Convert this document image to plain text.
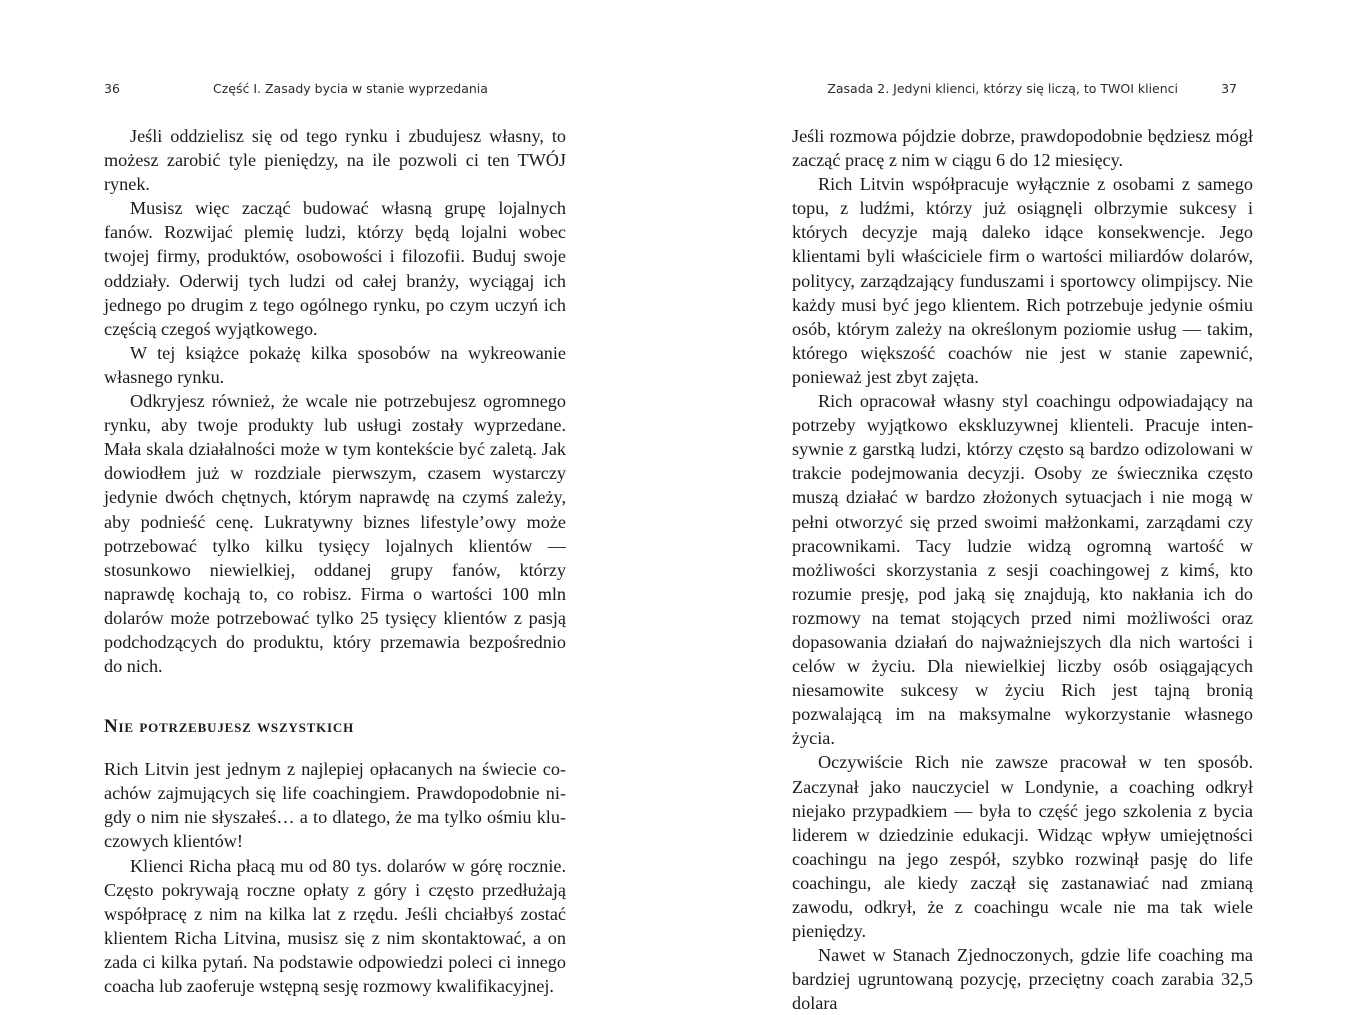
36	Część I. Zasady bycia w stanie wyprzedania

Jeśli oddzielisz się od tego rynku i zbudujesz własny, to możesz zarobić tyle pieniędzy, na ile pozwoli ci ten TWÓJ rynek.

Musisz więc zacząć budować własną grupę lojalnych fanów. Rozwijać plemię ludzi, którzy będą lojalni wobec twojej firmy, produktów, osobowości i filozofii. Buduj swoje oddziały. Oderwij tych ludzi od całej branży, wyciągaj ich jednego po drugim z tego ogólnego rynku, po czym uczyń ich częścią czegoś wyjątkowego.

W tej książce pokażę kilka sposobów na wykreowanie własnego rynku.

Odkryjesz również, że wcale nie potrzebujesz ogromnego rynku, aby twoje produkty lub usługi zostały wyprzedane. Mała skala działalności może w tym kontekście być zaletą. Jak dowiodłem już w rozdziale pierwszym, czasem wystarczy jedynie dwóch chętnych, którym naprawdę na czymś zależy, aby podnieść cenę. Lukratywny biznes lifestyle’owy może potrzebować tylko kilku tysięcy lojalnych klientów — stosunkowo niewielkiej, oddanej grupy fanów, którzy naprawdę kochają to, co robisz. Firma o wartości 100 mln dolarów może potrzebować tylko 25 tysięcy klientów z pasją podchodzących do produktu, który przemawia bezpośrednio do nich.

Nie potrzebujesz wszystkich

Rich Litvin jest jednym z najlepiej opłacanych na świecie coachów zajmujących się life coachingiem. Prawdopodobnie nigdy o nim nie słyszałeś… a to dlatego, że ma tylko ośmiu kluczowych klientów!

Klienci Richa płacą mu od 80 tys. dolarów w górę rocznie. Często pokrywają roczne opłaty z góry i często przedłużają współpracę z nim na kilka lat z rzędu. Jeśli chciałbyś zostać klientem Richa Litvina, musisz się z nim skontaktować, a on zada ci kilka pytań. Na podstawie odpowiedzi poleci ci innego coacha lub zaoferuje wstępną sesję rozmowy kwalifikacyjnej.

Zasada 2. Jedyni klienci, którzy się liczą, to TWOI klienci	37

Jeśli rozmowa pójdzie dobrze, prawdopodobnie będziesz mógł zacząć pracę z nim w ciągu 6 do 12 miesięcy.

Rich Litvin współpracuje wyłącznie z osobami z samego topu, z ludźmi, którzy już osiągnęli olbrzymie sukcesy i których decyzje mają daleko idące konsekwencje. Jego klientami byli właściciele firm o wartości miliardów dolarów, politycy, zarządzający funduszami i sportowcy olimpijscy. Nie każdy musi być jego klientem. Rich potrzebuje jedynie ośmiu osób, którym zależy na określonym poziomie usług — takim, którego większość coachów nie jest w stanie zapewnić, ponieważ jest zbyt zajęta.

Rich opracował własny styl coachingu odpowiadający na potrzeby wyjątkowo ekskluzywnej klienteli. Pracuje intensywnie z garstką ludzi, którzy często są bardzo odizolowani w trakcie podejmowania decyzji. Osoby ze świecznika często muszą działać w bardzo złożonych sytuacjach i nie mogą w pełni otworzyć się przed swoimi małżonkami, zarządami czy pracownikami. Tacy ludzie widzą ogromną wartość w możliwości skorzystania z sesji coachingowej z kimś, kto rozumie presję, pod jaką się znajdują, kto nakłania ich do rozmowy na temat stojących przed nimi możliwości oraz dopasowania działań do najważniejszych dla nich wartości i celów w życiu. Dla niewielkiej liczby osób osiągających niesamowite sukcesy w życiu Rich jest tajną bronią pozwalającą im na maksymalne wykorzystanie własnego życia.

Oczywiście Rich nie zawsze pracował w ten sposób. Zaczynał jako nauczyciel w Londynie, a coaching odkrył niejako przypadkiem — była to część jego szkolenia z bycia liderem w dziedzinie edukacji. Widząc wpływ umiejętności coachingu na jego zespół, szybko rozwinął pasję do life coachingu, ale kiedy zaczął się zastanawiać nad zmianą zawodu, odkrył, że z coachingu wcale nie ma tak wiele pieniędzy.

Nawet w Stanach Zjednoczonych, gdzie life coaching ma bardziej ugruntowaną pozycję, przeciętny coach zarabia 32,5 dolara
